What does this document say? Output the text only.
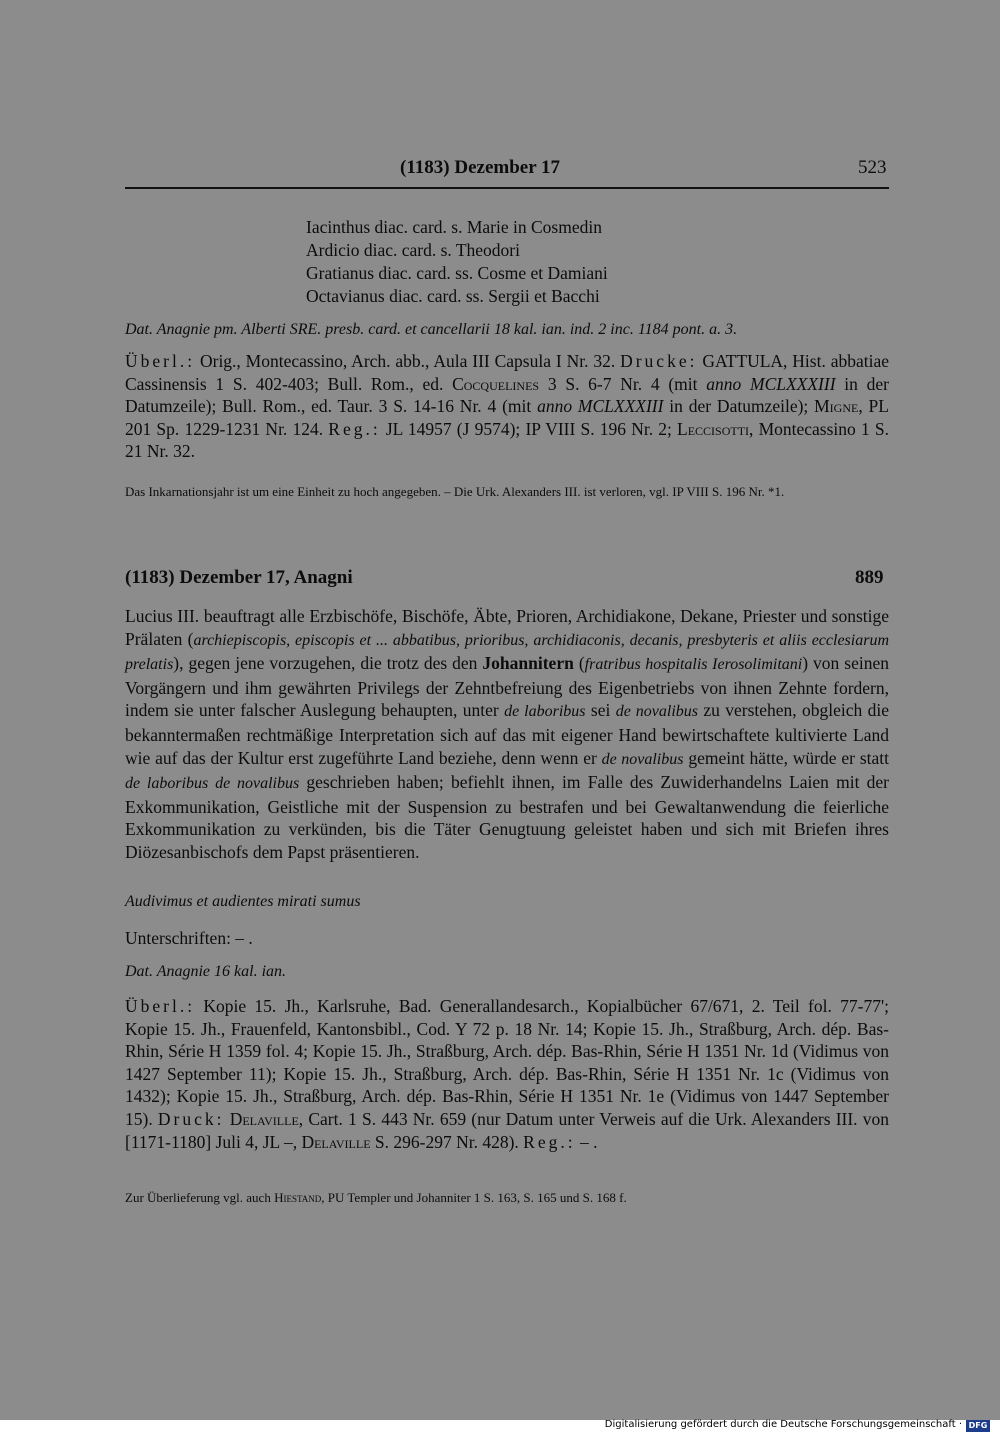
(1183) Dezember 17	523
Iacinthus diac. card. s. Marie in Cosmedin
Ardicio diac. card. s. Theodori
Gratianus diac. card. ss. Cosme et Damiani
Octavianus diac. card. ss. Sergii et Bacchi

Dat. Anagnie pm. Alberti SRE. presb. card. et cancellarii 18 kal. ian. ind. 2 inc. 1184 pont. a. 3.

Überl.: Orig., Montecassino, Arch. abb., Aula III Capsula I Nr. 32. Drucke: GATTULA, Hist. abbatiae Cassinensis 1 S. 402-403; Bull. Rom., ed. Cocquelines 3 S. 6-7 Nr. 4 (mit anno MCLXXXIII in der Datumzeile); Bull. Rom., ed. Taur. 3 S. 14-16 Nr. 4 (mit anno MCLXXXIII in der Datumzeile); Migne, PL 201 Sp. 1229-1231 Nr. 124. Reg.: JL 14957 (J 9574); IP VIII S. 196 Nr. 2; Leccisotti, Montecassino 1 S. 21 Nr. 32.

Das Inkarnationsjahr ist um eine Einheit zu hoch angegeben. – Die Urk. Alexanders III. ist verloren, vgl. IP VIII S. 196 Nr. *1.

(1183) Dezember 17, Anagni	889

Lucius III. beauftragt alle Erzbischöfe, Bischöfe, Äbte, Prioren, Archidiakone, Dekane, Priester und sonstige Prälaten (archiepiscopis, episcopis et ... abbatibus, prioribus, archidiaconis, decanis, presbyteris et aliis ecclesiarum prelatis), gegen jene vorzugehen, die trotz des den Johannitern (fratribus hospitalis Ierosolimitani) von seinen Vorgängern und ihm gewährten Privilegs der Zehntbefreiung des Eigenbetriebs von ihnen Zehnte fordern, indem sie unter falscher Auslegung behaupten, unter de laboribus sei de novalibus zu verstehen, obgleich die bekanntermaßen rechtmäßige Interpretation sich auf das mit eigener Hand bewirtschaftete kultivierte Land wie auf das der Kultur erst zugeführte Land beziehe, denn wenn er de novalibus gemeint hätte, würde er statt de laboribus de novalibus geschrieben haben; befiehlt ihnen, im Falle des Zuwiderhandelns Laien mit der Exkommunikation, Geistliche mit der Suspension zu bestrafen und bei Gewaltanwendung die feierliche Exkommunikation zu verkünden, bis die Täter Genugtuung geleistet haben und sich mit Briefen ihres Diözesanbischofs dem Papst präsentieren.

Audivimus et audientes mirati sumus

Unterschriften: – .

Dat. Anagnie 16 kal. ian.

Überl.: Kopie 15. Jh., Karlsruhe, Bad. Generallandesarch., Kopialbücher 67/671, 2. Teil fol. 77-77'; Kopie 15. Jh., Frauenfeld, Kantonsbibl., Cod. Y 72 p. 18 Nr. 14; Kopie 15. Jh., Straßburg, Arch. dép. Bas-Rhin, Série H 1359 fol. 4; Kopie 15. Jh., Straßburg, Arch. dép. Bas-Rhin, Série H 1351 Nr. 1d (Vidimus von 1427 September 11); Kopie 15. Jh., Straßburg, Arch. dép. Bas-Rhin, Série H 1351 Nr. 1c (Vidimus von 1432); Kopie 15. Jh., Straßburg, Arch. dép. Bas-Rhin, Série H 1351 Nr. 1e (Vidimus von 1447 September 15). Druck: Delaville, Cart. 1 S. 443 Nr. 659 (nur Datum unter Verweis auf die Urk. Alexanders III. von [1171-1180] Juli 4, JL –, Delaville S. 296-297 Nr. 428). Reg.: – .

Zur Überlieferung vgl. auch Hiestand, PU Templer und Johanniter 1 S. 163, S. 165 und S. 168 f.

Digitalisierung gefördert durch die Deutsche Forschungsgemeinschaft · DFG
